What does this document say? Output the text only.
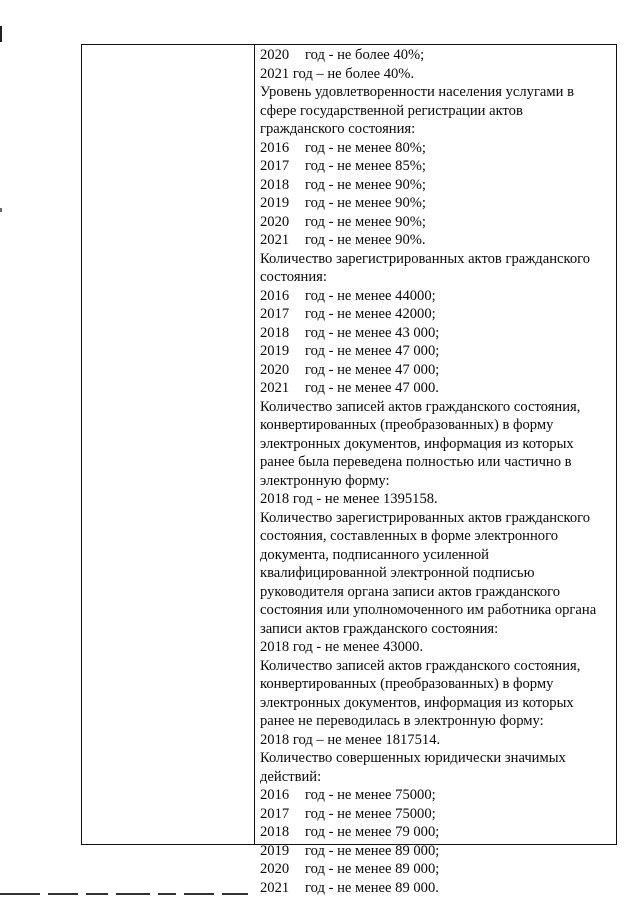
2020 год - не более 40%;
2021 год – не более 40%.
Уровень удовлетворенности населения услугами в
сфере государственной регистрации актов
гражданского состояния:
2016 год - не менее 80%;
2017 год - не менее 85%;
2018 год - не менее 90%;
2019 год - не менее 90%;
2020 год - не менее 90%;
2021 год - не менее 90%.
Количество зарегистрированных актов гражданского
состояния:
2016 год - не менее 44000;
2017 год - не менее 42000;
2018 год - не менее 43 000;
2019 год - не менее 47 000;
2020 год - не менее 47 000;
2021 год - не менее 47 000.
Количество записей актов гражданского состояния,
конвертированных (преобразованных) в форму
электронных документов, информация из которых
ранее была переведена полностью или частично в
электронную форму:
2018 год - не менее 1395158.
Количество зарегистрированных актов гражданского
состояния, составленных в форме электронного
документа, подписанного усиленной
квалифицированной электронной подписью
руководителя органа записи актов гражданского
состояния или уполномоченного им работника органа
записи актов гражданского состояния:
2018 год - не менее 43000.
Количество записей актов гражданского состояния,
конвертированных (преобразованных) в форму
электронных документов, информация из которых
ранее не переводилась в электронную форму:
2018 год – не менее 1817514.
Количество совершенных юридически значимых
действий:
2016 год - не менее 75000;
2017 год - не менее 75000;
2018 год - не менее 79 000;
2019 год - не менее 89 000;
2020 год - не менее 89 000;
2021 год - не менее 89 000.
